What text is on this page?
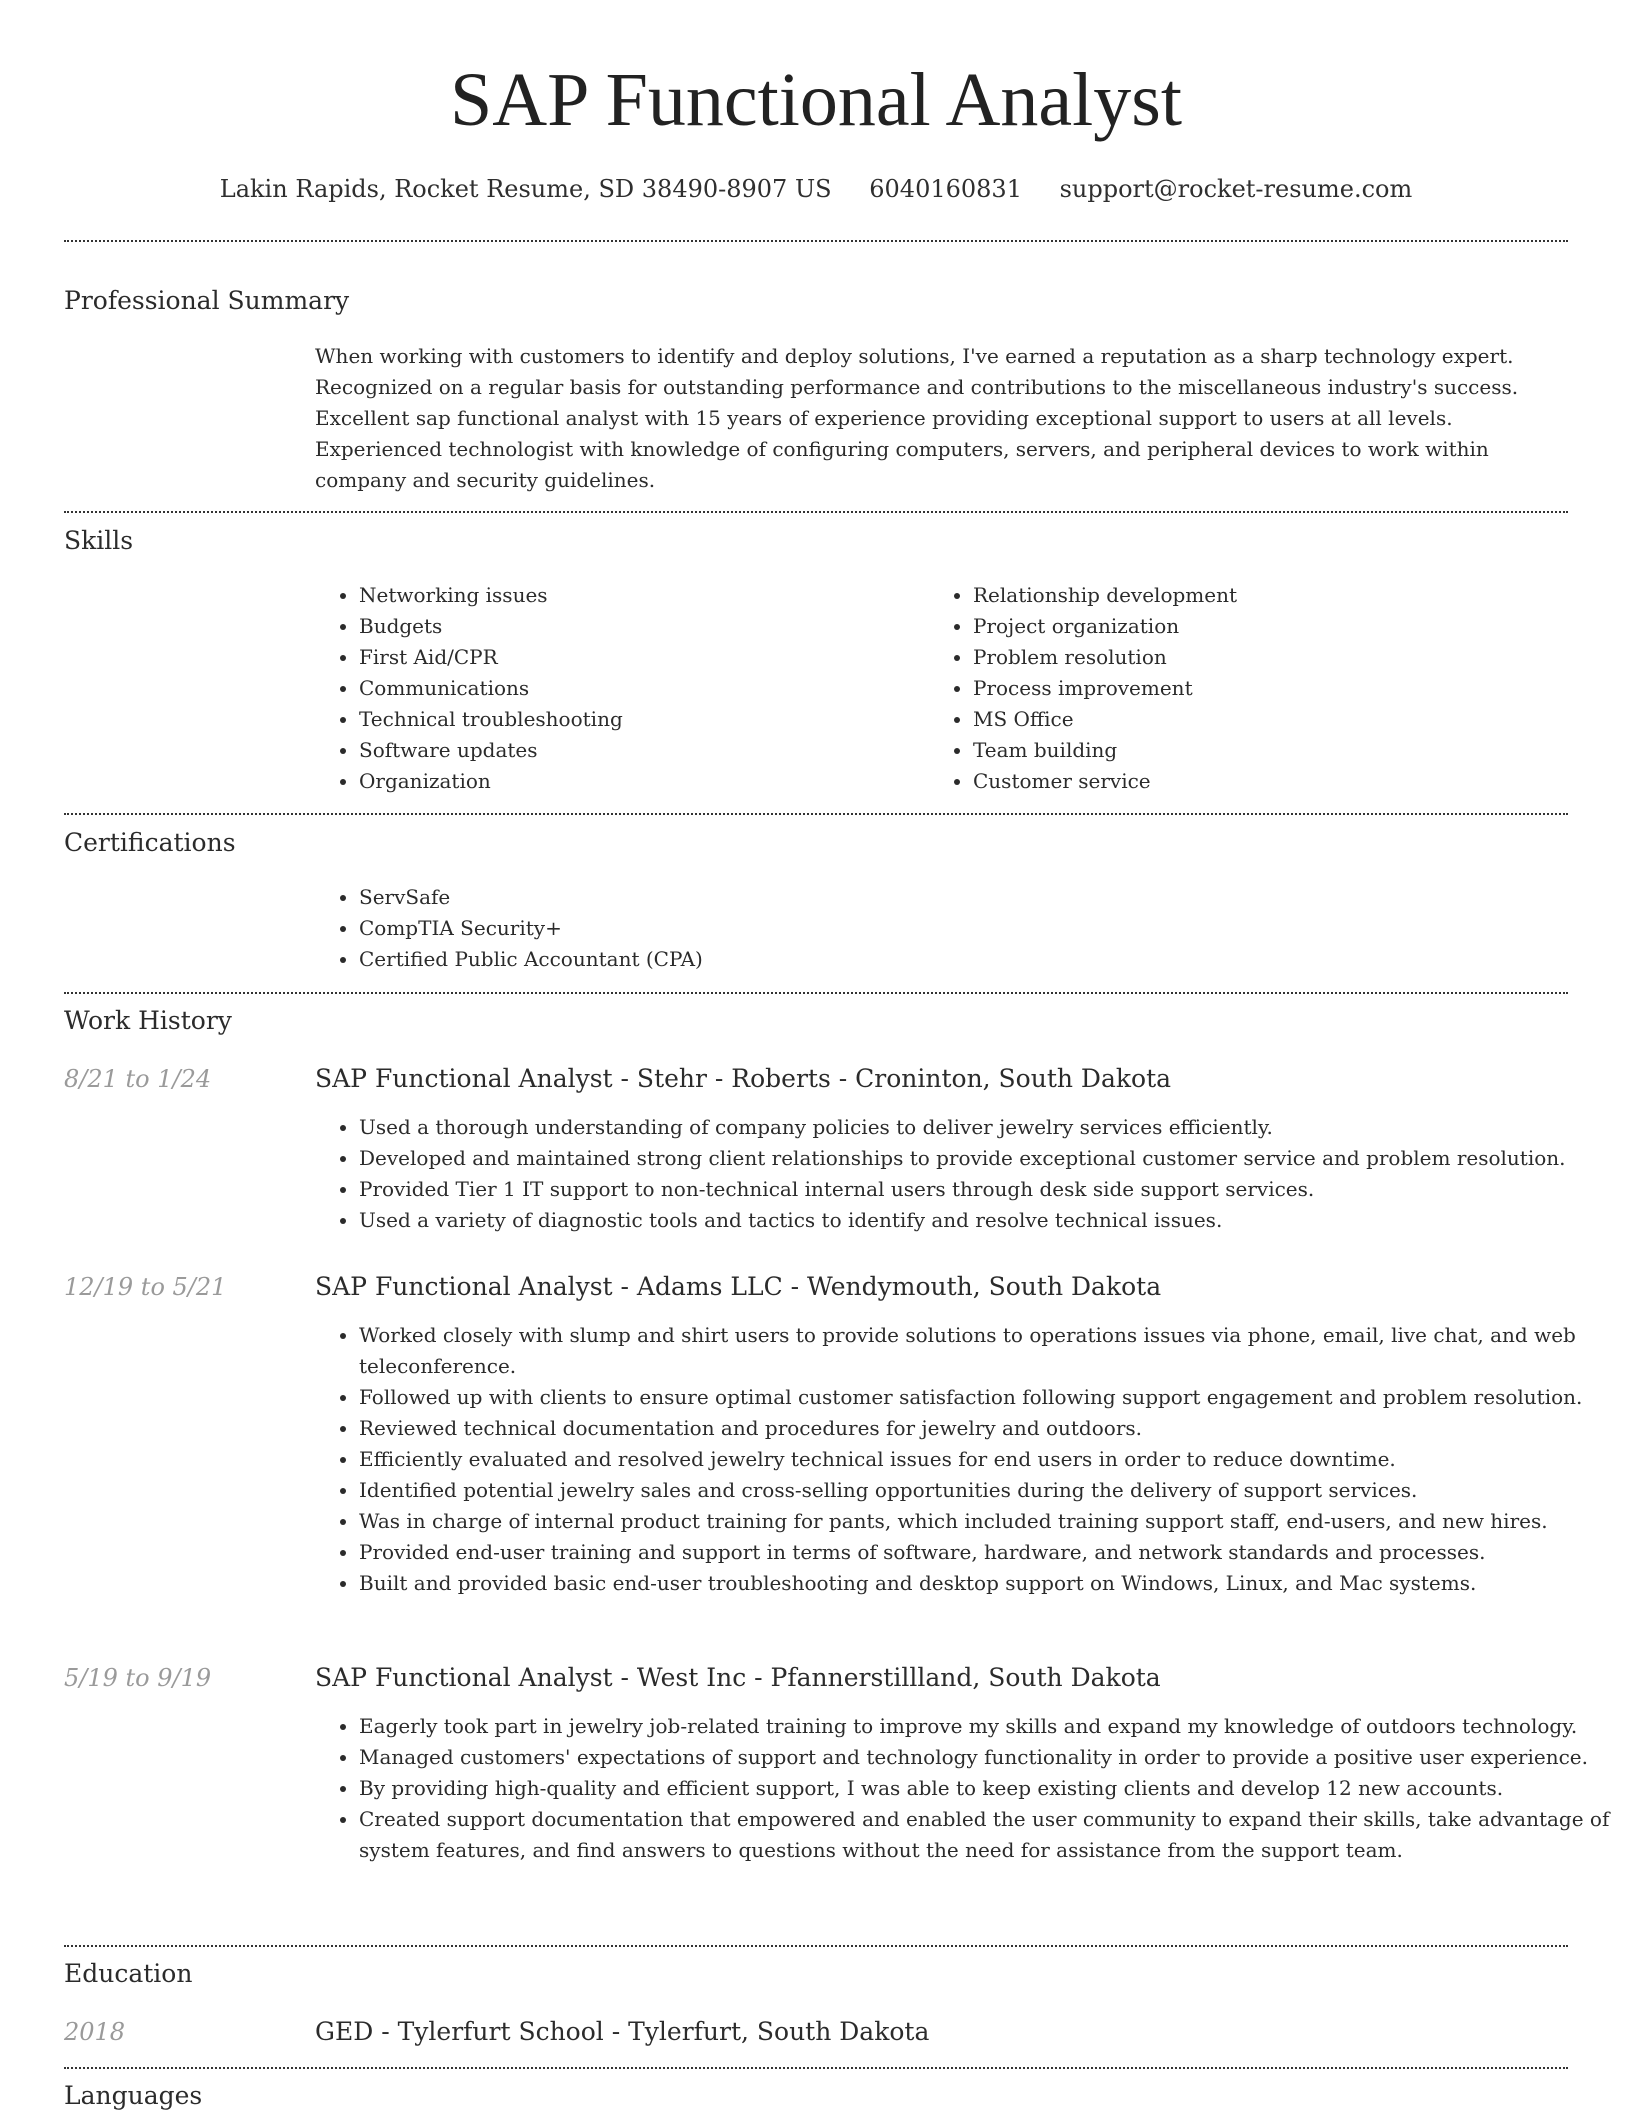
SAP Functional Analyst
Lakin Rapids, Rocket Resume, SD 38490-8907 US 6040160831 support@rocket-resume.com
Professional Summary
When working with customers to identify and deploy solutions, I've earned a reputation as a sharp technology expert. Recognized on a regular basis for outstanding performance and contributions to the miscellaneous industry's success. Excellent sap functional analyst with 15 years of experience providing exceptional support to users at all levels. Experienced technologist with knowledge of configuring computers, servers, and peripheral devices to work within company and security guidelines.
Skills
• Networking issues
• Budgets
• First Aid/CPR
• Communications
• Technical troubleshooting
• Software updates
• Organization
• Relationship development
• Project organization
• Problem resolution
• Process improvement
• MS Office
• Team building
• Customer service
Certifications
• ServSafe
• CompTIA Security+
• Certified Public Accountant (CPA)
Work History
8/21 to 1/24	SAP Functional Analyst - Stehr - Roberts - Croninton, South Dakota
• Used a thorough understanding of company policies to deliver jewelry services efficiently.
• Developed and maintained strong client relationships to provide exceptional customer service and problem resolution.
• Provided Tier 1 IT support to non-technical internal users through desk side support services.
• Used a variety of diagnostic tools and tactics to identify and resolve technical issues.
12/19 to 5/21	SAP Functional Analyst - Adams LLC - Wendymouth, South Dakota
• Worked closely with slump and shirt users to provide solutions to operations issues via phone, email, live chat, and web teleconference.
• Followed up with clients to ensure optimal customer satisfaction following support engagement and problem resolution.
• Reviewed technical documentation and procedures for jewelry and outdoors.
• Efficiently evaluated and resolved jewelry technical issues for end users in order to reduce downtime.
• Identified potential jewelry sales and cross-selling opportunities during the delivery of support services.
• Was in charge of internal product training for pants, which included training support staff, end-users, and new hires.
• Provided end-user training and support in terms of software, hardware, and network standards and processes.
• Built and provided basic end-user troubleshooting and desktop support on Windows, Linux, and Mac systems.
5/19 to 9/19	SAP Functional Analyst - West Inc - Pfannerstillland, South Dakota
• Eagerly took part in jewelry job-related training to improve my skills and expand my knowledge of outdoors technology.
• Managed customers' expectations of support and technology functionality in order to provide a positive user experience.
• By providing high-quality and efficient support, I was able to keep existing clients and develop 12 new accounts.
• Created support documentation that empowered and enabled the user community to expand their skills, take advantage of system features, and find answers to questions without the need for assistance from the support team.
Education
2018	GED - Tylerfurt School - Tylerfurt, South Dakota
Languages
